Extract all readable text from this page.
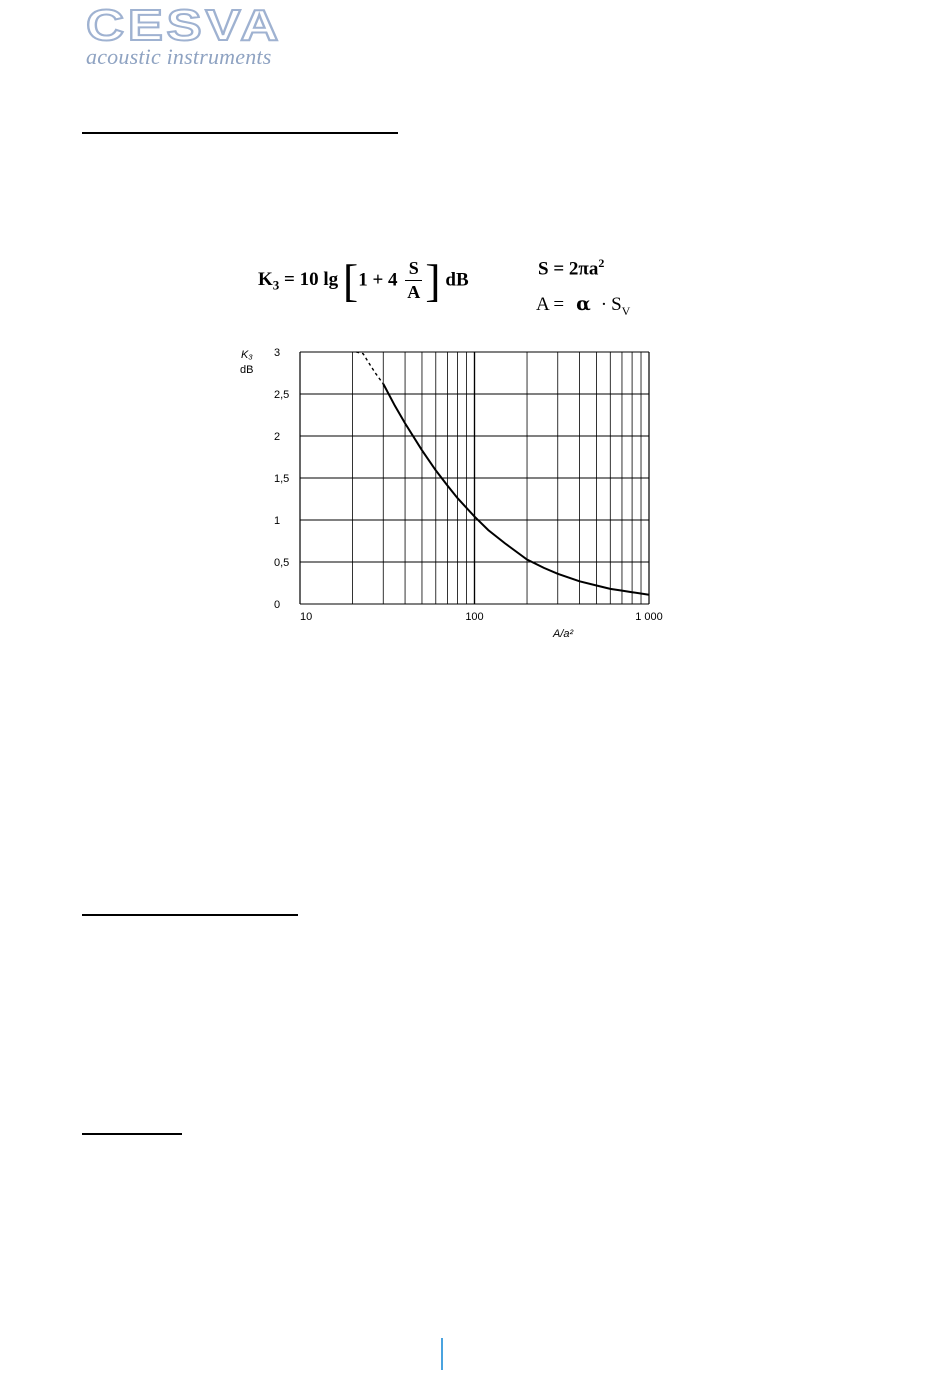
CESVA
acoustic instruments
$K_3 = 10$ $\lg [1 + 4 \frac{S}{A}$ ] dB
$S = 2\pi a^2$
$A = \alpha \cdot S_V$
0
0,5
1
1,5
2
2,5
3
10	100	1 000
K₃
dB
A/a²
